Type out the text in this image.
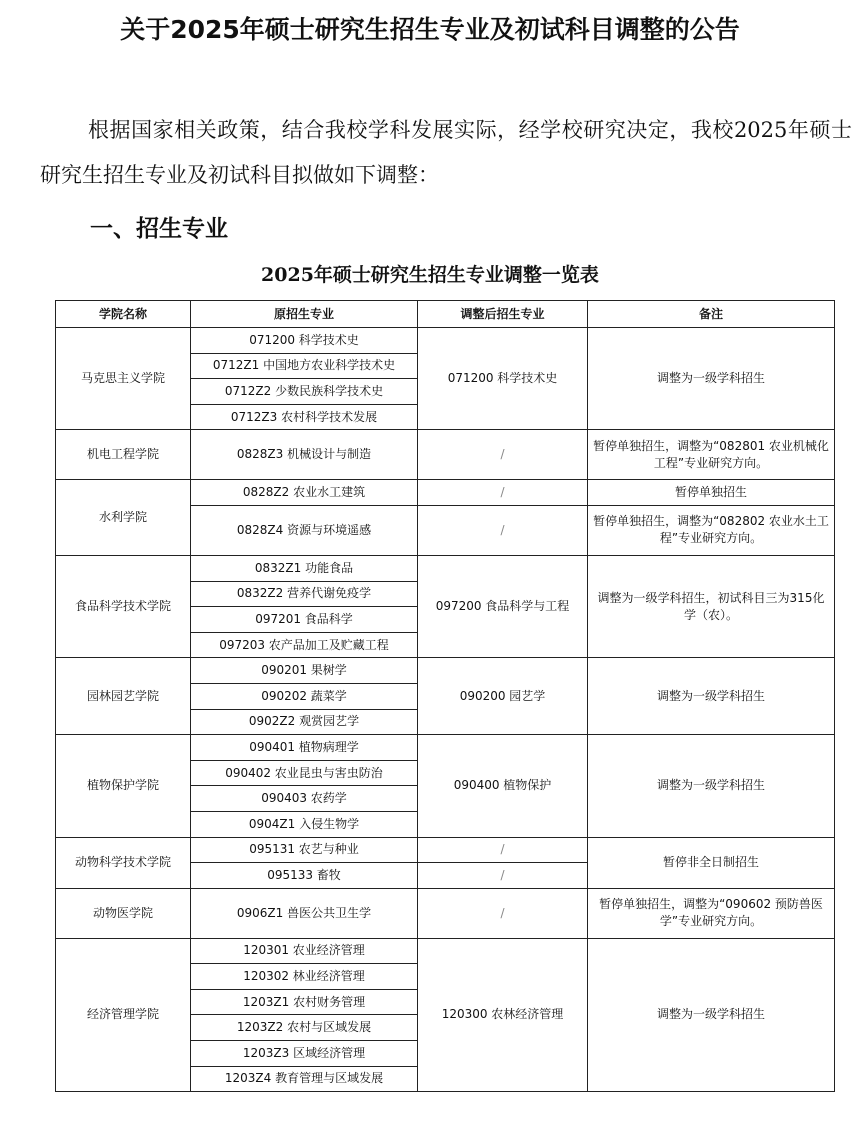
关于2025年硕士研究生招生专业及初试科目调整的公告
根据国家相关政策，结合我校学科发展实际，经学校研究决定，我校2025年硕士研究生招生专业及初试科目拟做如下调整：
一、招生专业
2025年硕士研究生招生专业调整一览表
学院名称	原招生专业	调整后招生专业	备注
马克思主义学院	071200 科学技术史	071200 科学技术史	调整为一级学科招生
	0712Z1 中国地方农业科学技术史		
	0712Z2 少数民族科学技术史		
	0712Z3 农村科学技术发展		
机电工程学院	0828Z3 机械设计与制造	/	暂停单独招生，调整为“082801 农业机械化工程”专业研究方向。
水利学院	0828Z2 农业水工建筑	/	暂停单独招生
	0828Z4 资源与环境遥感	/	暂停单独招生，调整为“082802 农业水土工程”专业研究方向。
食品科学技术学院	0832Z1 功能食品	097200 食品科学与工程	调整为一级学科招生，初试科目三为315化学（农）。
	0832Z2 营养代谢免疫学		
	097201 食品科学		
	097203 农产品加工及贮藏工程		
园林园艺学院	090201 果树学	090200 园艺学	调整为一级学科招生
	090202 蔬菜学		
	0902Z2 观赏园艺学		
植物保护学院	090401 植物病理学	090400 植物保护	调整为一级学科招生
	090402 农业昆虫与害虫防治		
	090403 农药学		
	0904Z1 入侵生物学		
动物科学技术学院	095131 农艺与种业	/	暂停非全日制招生
	095133 畜牧	/	
动物医学院	0906Z1 兽医公共卫生学	/	暂停单独招生，调整为“090602 预防兽医学”专业研究方向。
经济管理学院	120301 农业经济管理	120300 农林经济管理	调整为一级学科招生
	120302 林业经济管理		
	1203Z1 农村财务管理		
	1203Z2 农村与区域发展		
	1203Z3 区域经济管理		
	1203Z4 教育管理与区域发展		
